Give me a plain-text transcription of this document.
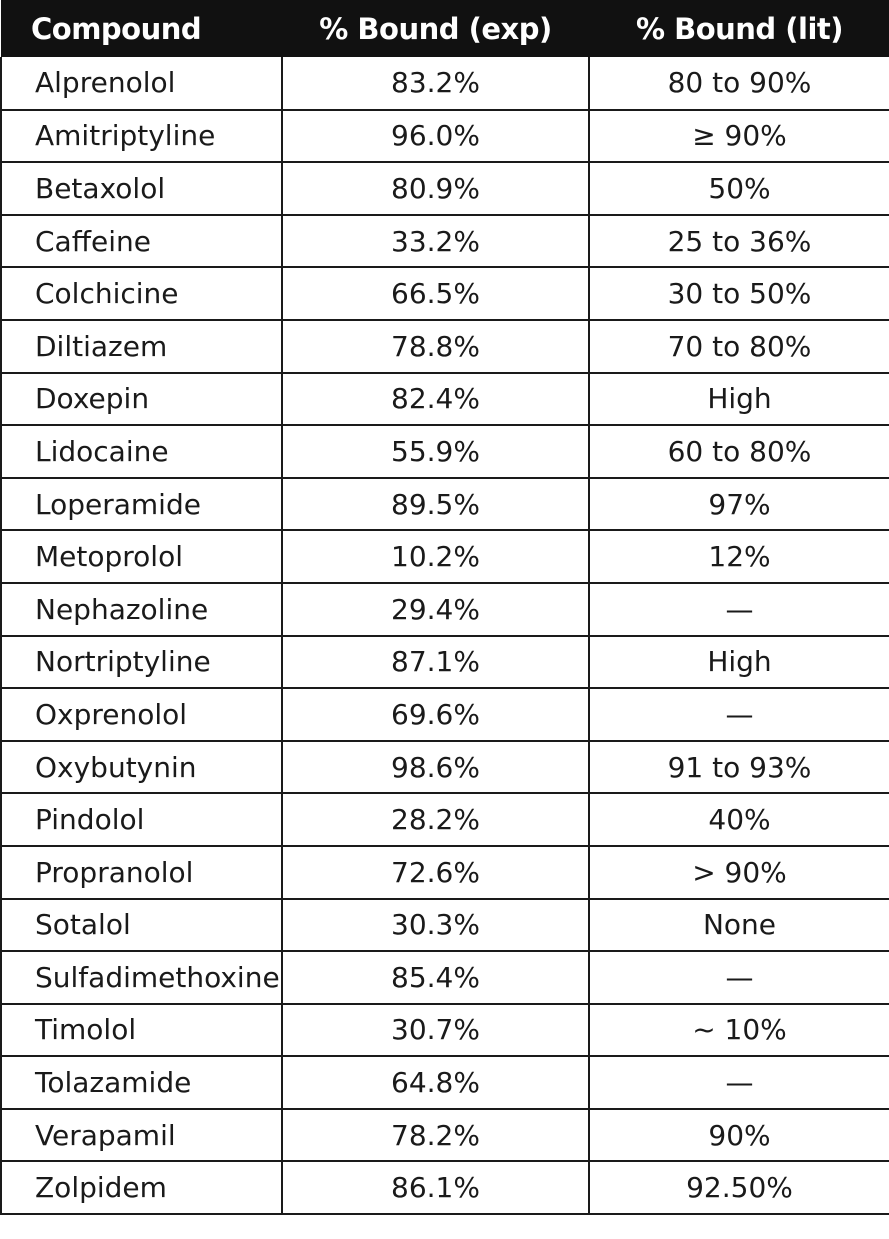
Compound	% Bound (exp)	% Bound (lit)
Alprenolol	83.2%	80 to 90%
Amitriptyline	96.0%	≥ 90%
Betaxolol	80.9%	50%
Caffeine	33.2%	25 to 36%
Colchicine	66.5%	30 to 50%
Diltiazem	78.8%	70 to 80%
Doxepin	82.4%	High
Lidocaine	55.9%	60 to 80%
Loperamide	89.5%	97%
Metoprolol	10.2%	12%
Nephazoline	29.4%	—
Nortriptyline	87.1%	High
Oxprenolol	69.6%	—
Oxybutynin	98.6%	91 to 93%
Pindolol	28.2%	40%
Propranolol	72.6%	> 90%
Sotalol	30.3%	None
Sulfadimethoxine	85.4%	—
Timolol	30.7%	~ 10%
Tolazamide	64.8%	—
Verapamil	78.2%	90%
Zolpidem	86.1%	92.50%
